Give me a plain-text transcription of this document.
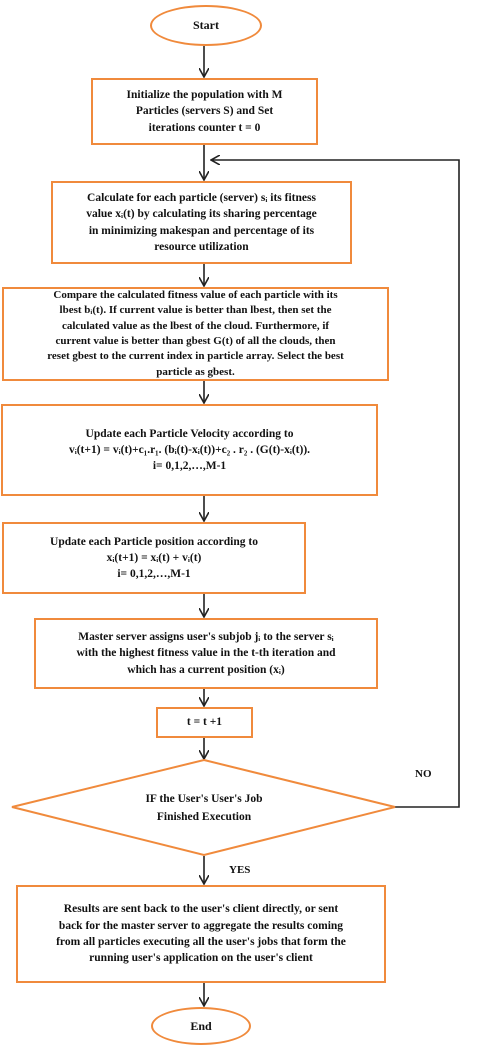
Start
Initialize the population with M
Particles (servers S) and Set
iterations counter t = 0
Calculate for each particle (server) sᵢ its fitness
value xᵢ(t) by calculating its sharing percentage
in minimizing makespan and percentage of its
resource utilization
Compare the calculated fitness value of each particle with its
lbest bᵢ(t). If current value is better than lbest, then set the
calculated value as the lbest of the cloud. Furthermore, if
current value is better than gbest G(t) of all the clouds, then
reset gbest to the current index in particle array. Select the best
particle as gbest.
Update each Particle Velocity according to
vᵢ(t+1) = vᵢ(t)+c₁.r₁. (bᵢ(t)-xᵢ(t))+c₂ . r₂ . (G(t)-xᵢ(t)).
i= 0,1,2,…,M-1
Update each Particle position according to
xᵢ(t+1) = xᵢ(t) + vᵢ(t)
i= 0,1,2,…,M-1
Master server assigns user's subjob jᵢ to the server sᵢ
with the highest fitness value in the t-th iteration and
which has a current position (xᵢ)
t = t +1
IF the User's User's Job
Finished Execution
NO
YES
Results are sent back to the user's client directly, or sent
back for the master server to aggregate the results coming
from all particles executing all the user's jobs that form the
running user's application on the user's client
End
